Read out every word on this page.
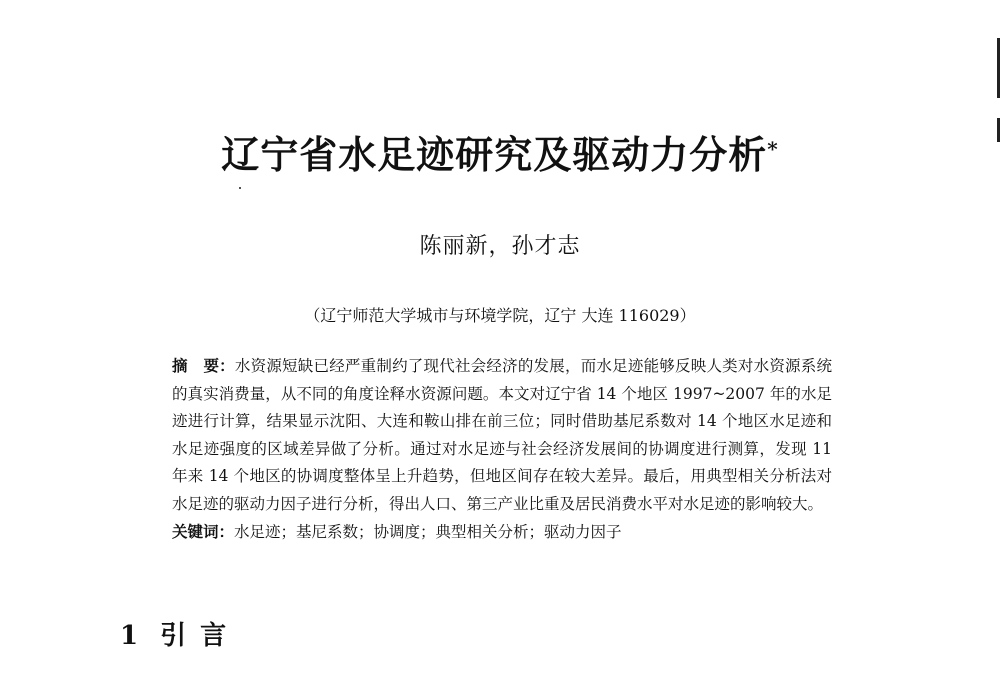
辽宁省水足迹研究及驱动力分析*
陈丽新，孙才志
（辽宁师范大学城市与环境学院，辽宁 大连 116029）

摘　要：水资源短缺已经严重制约了现代社会经济的发展，而水足迹能够反映人类对水资源系统的真实消费量，从不同的角度诠释水资源问题。本文对辽宁省 14 个地区 1997~2007 年的水足迹进行计算，结果显示沈阳、大连和鞍山排在前三位；同时借助基尼系数对 14 个地区水足迹和水足迹强度的区域差异做了分析。通过对水足迹与社会经济发展间的协调度进行测算，发现 11 年来 14 个地区的协调度整体呈上升趋势，但地区间存在较大差异。最后，用典型相关分析法对水足迹的驱动力因子进行分析，得出人口、第三产业比重及居民消费水平对水足迹的影响较大。

关键词：水足迹；基尼系数；协调度；典型相关分析；驱动力因子

1 引言
